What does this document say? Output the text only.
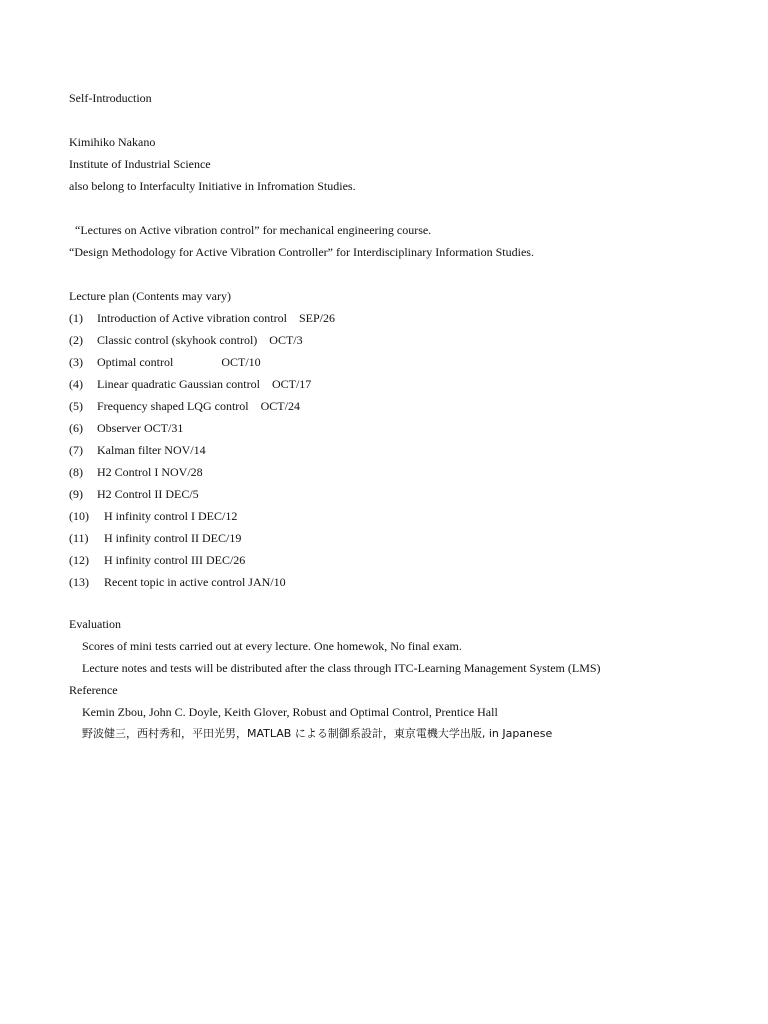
Self-Introduction
Kimihiko Nakano
Institute of Industrial Science
also belong to Interfaculty Initiative in Infromation Studies.
“Lectures on Active vibration control” for mechanical engineering course.
“Design Methodology for Active Vibration Controller” for Interdisciplinary Information Studies.
Lecture plan (Contents may vary)
(1) Introduction of Active vibration control    SEP/26
(2) Classic control (skyhook control)    OCT/3
(3) Optimal control                OCT/10
(4) Linear quadratic Gaussian control    OCT/17
(5) Frequency shaped LQG control    OCT/24
(6) Observer OCT/31
(7) Kalman filter NOV/14
(8) H2 Control I NOV/28
(9) H2 Control II DEC/5
(10) H infinity control I DEC/12
(11) H infinity control II DEC/19
(12) H infinity control III DEC/26
(13) Recent topic in active control JAN/10
Evaluation
Scores of mini tests carried out at every lecture. One homewok, No final exam.
Lecture notes and tests will be distributed after the class through ITC-Learning Management System (LMS)
Reference
Kemin Zbou, John C. Doyle, Keith Glover, Robust and Optimal Control, Prentice Hall
野波健三，西村秀和，平田光男，MATLAB による制御系設計，東京電機大学出版, in Japanese
